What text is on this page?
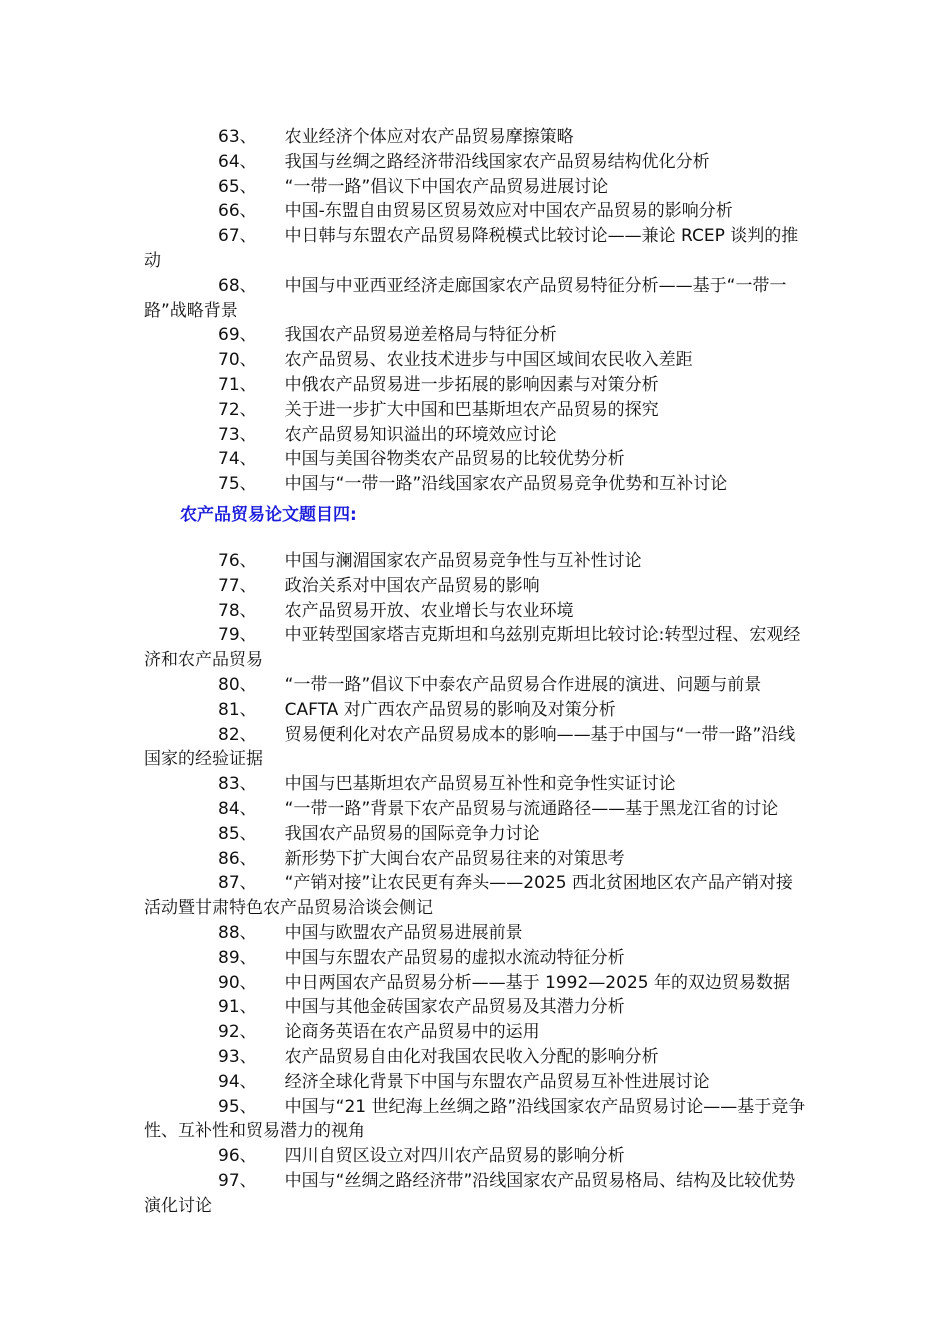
63、 农业经济个体应对农产品贸易摩擦策略

64、 我国与丝绸之路经济带沿线国家农产品贸易结构优化分析

65、 “一带一路”倡议下中国农产品贸易进展讨论

66、 中国-东盟自由贸易区贸易效应对中国农产品贸易的影响分析

67、 中日韩与东盟农产品贸易降税模式比较讨论——兼论 RCEP 谈判的推动

68、 中国与中亚西亚经济走廊国家农产品贸易特征分析——基于“一带一路”战略背景

69、 我国农产品贸易逆差格局与特征分析

70、 农产品贸易、农业技术进步与中国区域间农民收入差距

71、 中俄农产品贸易进一步拓展的影响因素与对策分析

72、 关于进一步扩大中国和巴基斯坦农产品贸易的探究

73、 农产品贸易知识溢出的环境效应讨论

74、 中国与美国谷物类农产品贸易的比较优势分析

75、 中国与“一带一路”沿线国家农产品贸易竞争优势和互补讨论

农产品贸易论文题目四:

76、 中国与澜湄国家农产品贸易竞争性与互补性讨论

77、 政治关系对中国农产品贸易的影响

78、 农产品贸易开放、农业增长与农业环境

79、 中亚转型国家塔吉克斯坦和乌兹别克斯坦比较讨论:转型过程、宏观经济和农产品贸易

80、 “一带一路”倡议下中泰农产品贸易合作进展的演进、问题与前景

81、 CAFTA 对广西农产品贸易的影响及对策分析

82、 贸易便利化对农产品贸易成本的影响——基于中国与“一带一路”沿线国家的经验证据

83、 中国与巴基斯坦农产品贸易互补性和竞争性实证讨论

84、 “一带一路”背景下农产品贸易与流通路径——基于黑龙江省的讨论

85、 我国农产品贸易的国际竞争力讨论

86、 新形势下扩大闽台农产品贸易往来的对策思考

87、 “产销对接”让农民更有奔头——2025 西北贫困地区农产品产销对接活动暨甘肃特色农产品贸易洽谈会侧记

88、 中国与欧盟农产品贸易进展前景

89、 中国与东盟农产品贸易的虚拟水流动特征分析

90、 中日两国农产品贸易分析——基于 1992—2025 年的双边贸易数据

91、 中国与其他金砖国家农产品贸易及其潜力分析

92、 论商务英语在农产品贸易中的运用

93、 农产品贸易自由化对我国农民收入分配的影响分析

94、 经济全球化背景下中国与东盟农产品贸易互补性进展讨论

95、 中国与“21 世纪海上丝绸之路”沿线国家农产品贸易讨论——基于竞争性、互补性和贸易潜力的视角

96、 四川自贸区设立对四川农产品贸易的影响分析

97、 中国与“丝绸之路经济带”沿线国家农产品贸易格局、结构及比较优势演化讨论
